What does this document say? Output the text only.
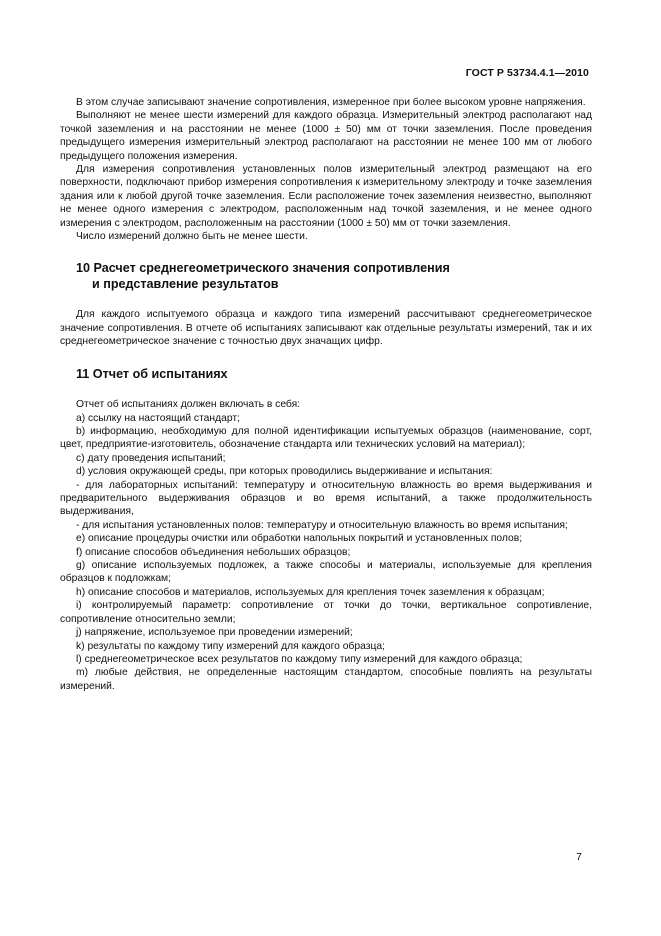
ГОСТ Р 53734.4.1—2010

В этом случае записывают значение сопротивления, измеренное при более высоком уровне напряжения.

Выполняют не менее шести измерений для каждого образца. Измерительный электрод располагают над точкой заземления и на расстоянии не менее (1000 ± 50) мм от точки заземления. После проведения предыдущего измерения измерительный электрод располагают на расстоянии не менее 100 мм от любого предыдущего положения измерения.

Для измерения сопротивления установленных полов измерительный электрод размещают на его поверхности, подключают прибор измерения сопротивления к измерительному электроду и точке заземления здания или к любой другой точке заземления. Если расположение точек заземления неизвестно, выполняют не менее одного измерения с электродом, расположенным над точкой заземления, и не менее одного измерения с электродом, расположенным на расстоянии (1000 ± 50) мм от точки заземления.

Число измерений должно быть не менее шести.

10 Расчет среднегеометрического значения сопротивления
и представление результатов

Для каждого испытуемого образца и каждого типа измерений рассчитывают среднегеометрическое значение сопротивления. В отчете об испытаниях записывают как отдельные результаты измерений, так и их среднегеометрическое значение с точностью двух значащих цифр.

11 Отчет об испытаниях

Отчет об испытаниях должен включать в себя:

a) ссылку на настоящий стандарт;

b) информацию, необходимую для полной идентификации испытуемых образцов (наименование, сорт, цвет, предприятие-изготовитель, обозначение стандарта или технических условий на материал);

c) дату проведения испытаний;

d) условия окружающей среды, при которых проводились выдерживание и испытания:

- для лабораторных испытаний: температуру и относительную влажность во время выдерживания и предварительного выдерживания образцов и во время испытаний, а также продолжительность выдерживания,

- для испытания установленных полов: температуру и относительную влажность во время испытания;

e) описание процедуры очистки или обработки напольных покрытий и установленных полов;

f) описание способов объединения небольших образцов;

g) описание используемых подложек, а также способы и материалы, используемые для крепления образцов к подложкам;

h) описание способов и материалов, используемых для крепления точек заземления к образцам;

i) контролируемый параметр: сопротивление от точки до точки, вертикальное сопротивление, сопротивление относительно земли;

j) напряжение, используемое при проведении измерений;

k) результаты по каждому типу измерений для каждого образца;

l) среднегеометрическое всех результатов по каждому типу измерений для каждого образца;

m) любые действия, не определенные настоящим стандартом, способные повлиять на результаты измерений.

7
